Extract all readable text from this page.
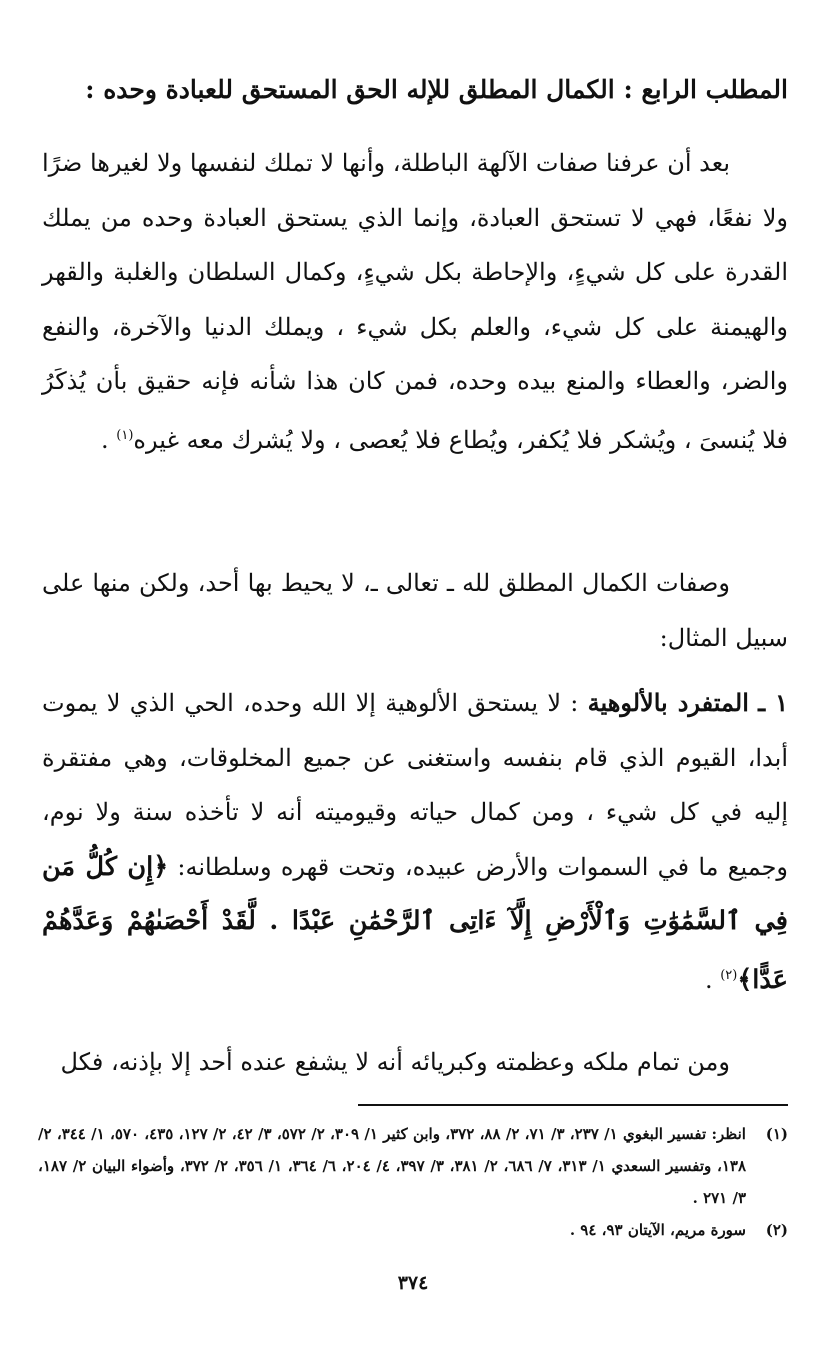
المطلب الرابع : الكمال المطلق للإله الحق المستحق للعبادة وحده :
بعد أن عرفنا صفات الآلهة الباطلة، وأنها لا تملك لنفسها ولا لغيرها ضرًا ولا نفعًا، فهي لا تستحق العبادة، وإنما الذي يستحق العبادة وحده من يملك القدرة على كل شيءٍ، والإحاطة بكل شيءٍ، وكمال السلطان والغلبة والقهر والهيمنة على كل شيء، والعلم بكل شيء ، ويملك الدنيا والآخرة، والنفع والضر، والعطاء والمنع بيده وحده، فمن كان هذا شأنه فإنه حقيق بأن يُذكَرُ فلا يُنسىَ ، ويُشكر فلا يُكفر، ويُطاع فلا يُعصى ، ولا يُشرك معه غيره$^{(١)}$ .
وصفات الكمال المطلق لله ـ تعالى ـ، لا يحيط بها أحد، ولكن منها على سبيل المثال:
١ ـ المتفرد بالألوهية : لا يستحق الألوهية إلا الله وحده، الحي الذي لا يموت أبدا، القيوم الذي قام بنفسه واستغنى عن جميع المخلوقات، وهي مفتقرة إليه في كل شيء ، ومن كمال حياته وقيوميته أنه لا تأخذه سنة ولا نوم، وجميع ما في السموات والأرض عبيده، وتحت قهره وسلطانه: ﴿إِن كُلُّ مَن فِي ٱلسَّمَٰوَٰتِ وَٱلْأَرْضِ إِلَّآ ءَاتِى ٱلرَّحْمَٰنِ عَبْدًا . لَّقَدْ أَحْصَىٰهُمْ وَعَدَّهُمْ عَدًّا﴾$^{(٢)}$ .
ومن تمام ملكه وعظمته وكبريائه أنه لا يشفع عنده أحد إلا بإذنه، فكل
(١)
انظر: تفسير البغوي ١/ ٢٣٧، ٣/ ٧١، ٢/ ٨٨، ٣٧٢، وابن كثير ١/ ٣٠٩، ٢/ ٥٧٢، ٣/ ٤٢، ٢/ ١٢٧، ٤٣٥، ٥٧٠، ١/ ٣٤٤، ٢/ ١٣٨، وتفسير السعدي ١/ ٣١٣، ٧/ ٦٨٦، ٢/ ٣٨١، ٣/ ٣٩٧، ٤/ ٢٠٤، ٦/ ٣٦٤، ١/ ٣٥٦، ٢/ ٣٧٢، وأضواء البيان ٢/ ١٨٧، ٣/ ٢٧١ .
(٢)
سورة مريم، الآيتان ٩٣، ٩٤ .
٣٧٤
